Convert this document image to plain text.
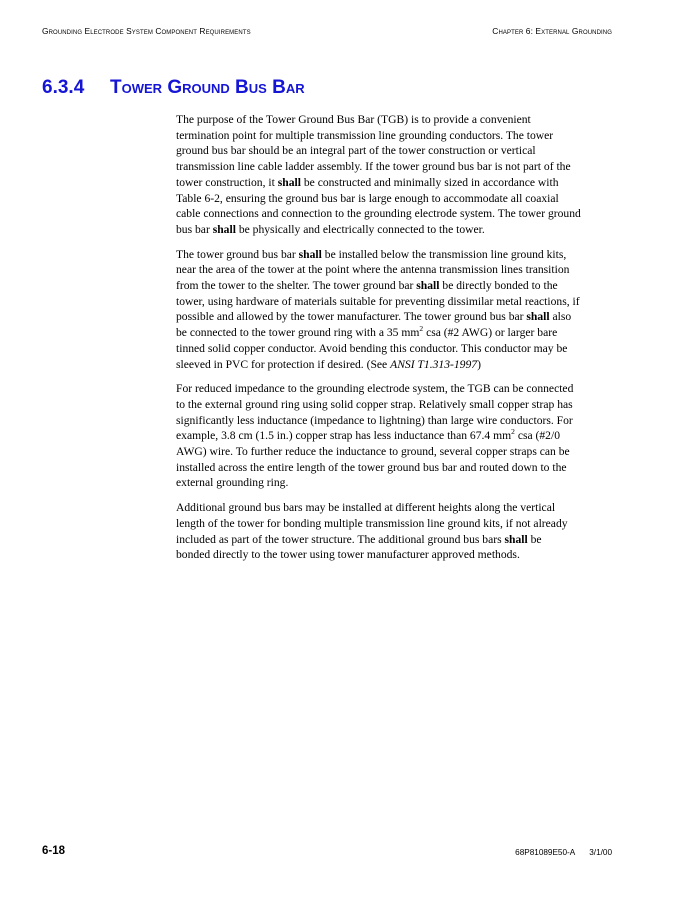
Grounding Electrode System Component Requirements	Chapter 6: External Grounding
6.3.4 Tower Ground Bus Bar

The purpose of the Tower Ground Bus Bar (TGB) is to provide a convenient
termination point for multiple transmission line grounding conductors. The tower
ground bus bar should be an integral part of the tower construction or vertical
transmission line cable ladder assembly. If the tower ground bus bar is not part of the
tower construction, it shall be constructed and minimally sized in accordance with
Table 6-2, ensuring the ground bus bar is large enough to accommodate all coaxial
cable connections and connection to the grounding electrode system. The tower ground
bus bar shall be physically and electrically connected to the tower.

The tower ground bus bar shall be installed below the transmission line ground kits,
near the area of the tower at the point where the antenna transmission lines transition
from the tower to the shelter. The tower ground bar shall be directly bonded to the
tower, using hardware of materials suitable for preventing dissimilar metal reactions, if
possible and allowed by the tower manufacturer. The tower ground bus bar shall also
be connected to the tower ground ring with a 35 $mm^2$ csa (#2 AWG) or larger bare
tinned solid copper conductor. Avoid bending this conductor. This conductor may be
sleeved in PVC for protection if desired. (See ANSI T1.313-1997)

For reduced impedance to the grounding electrode system, the TGB can be connected
to the external ground ring using solid copper strap. Relatively small copper strap has
significantly less inductance (impedance to lightning) than large wire conductors. For
example, 3.8 cm (1.5 in.) copper strap has less inductance than 67.4 $mm^2$ csa (#2/0
AWG) wire. To further reduce the inductance to ground, several copper straps can be
installed across the entire length of the tower ground bus bar and routed down to the
external grounding ring.

Additional ground bus bars may be installed at different heights along the vertical
length of the tower for bonding multiple transmission line ground kits, if not already
included as part of the tower structure. The additional ground bus bars shall be
bonded directly to the tower using tower manufacturer approved methods.

6-18	68P81089E50-A 3/1/00
